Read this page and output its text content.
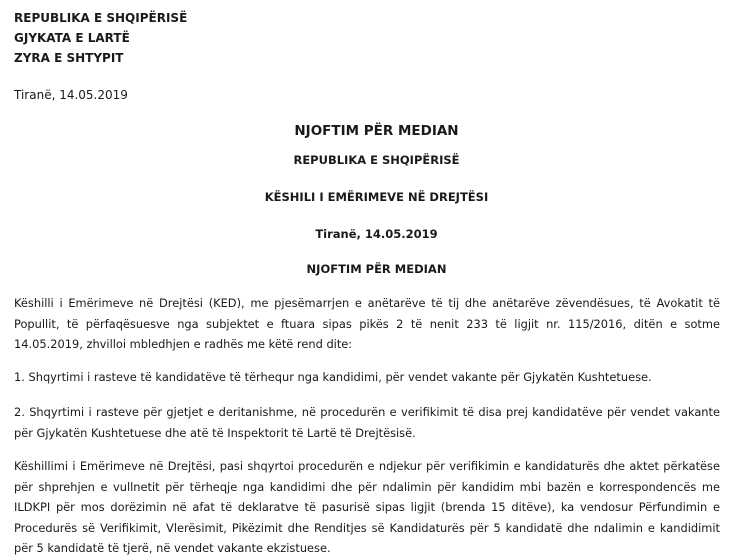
REPUBLIKA E SHQIPËRISË
GJYKATA E LARTË
ZYRA E SHTYPIT
Tiranë, 14.05.2019
NJOFTIM PËR MEDIAN
REPUBLIKA E SHQIPËRISË
KËSHILI I EMËRIMEVE NË DREJTËSI
Tiranë, 14.05.2019
NJOFTIM PËR MEDIAN

Këshilli i Emërimeve në Drejtësi (KED), me pjesëmarrjen e anëtarëve të tij dhe anëtarëve zëvendësues, të Avokatit të Popullit, të përfaqësuesve nga subjektet e ftuara sipas pikës 2 të nenit 233 të ligjit nr. 115/2016, ditën e sotme 14.05.2019, zhvilloi mbledhjen e radhës me këtë rend dite:

1. Shqyrtimi i rasteve të kandidatëve të tërhequr nga kandidimi, për vendet vakante për Gjykatën Kushtetuese.

2. Shqyrtimi i rasteve për gjetjet e deritanishme, në procedurën e verifikimit të disa prej kandidatëve për vendet vakante për Gjykatën Kushtetuese dhe atë të Inspektorit të Lartë të Drejtësisë.

Këshillimi i Emërimeve në Drejtësi, pasi shqyrtoi procedurën e ndjekur për verifikimin e kandidaturës dhe aktet përkatëse për shprehjen e vullnetit për tërheqje nga kandidimi dhe për ndalimin për kandidim mbi bazën e korrespondencës me ILDKPI për mos dorëzimin në afat të deklaratve të pasurisë sipas ligjit (brenda 15 ditëve), ka vendosur Përfundimin e Procedurës së Verifikimit, Vlerësimit, Pikëzimit dhe Renditjes së Kandidaturës për 5 kandidatë dhe ndalimin e kandidimit për 5 kandidatë të tjerë, në vendet vakante ekzistuese.
